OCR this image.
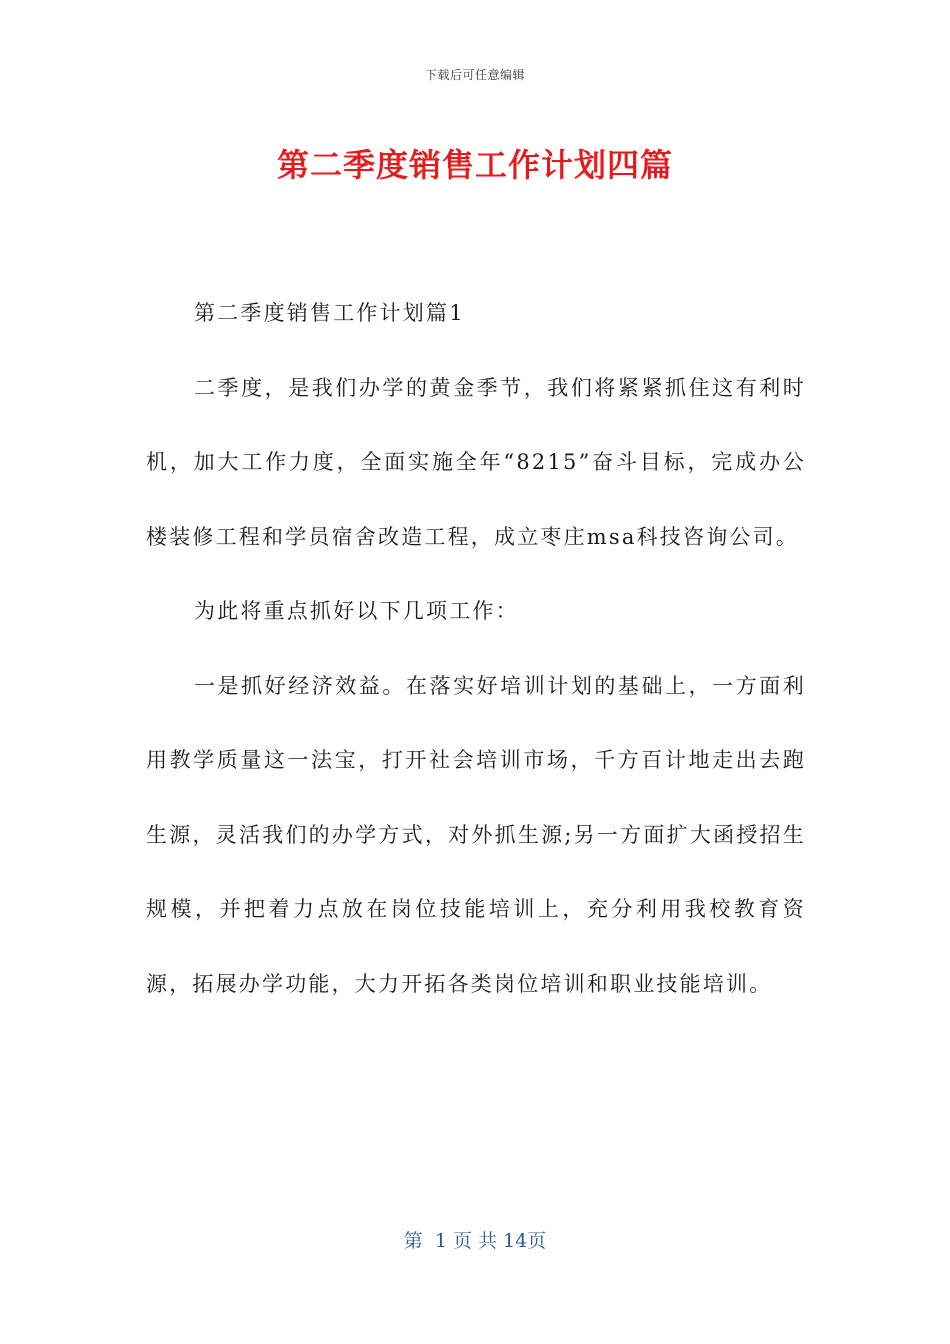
下载后可任意编辑
第二季度销售工作计划四篇

第二季度销售工作计划篇1

二季度，是我们办学的黄金季节，我们将紧紧抓住这有利时机，加大工作力度，全面实施全年“8215”奋斗目标，完成办公楼装修工程和学员宿舍改造工程，成立枣庄msa科技咨询公司。

为此将重点抓好以下几项工作：

一是抓好经济效益。在落实好培训计划的基础上，一方面利用教学质量这一法宝，打开社会培训市场，千方百计地走出去跑生源，灵活我们的办学方式，对外抓生源;另一方面扩大函授招生规模，并把着力点放在岗位技能培训上，充分利用我校教育资源，拓展办学功能，大力开拓各类岗位培训和职业技能培训。

第  1 页 共 14页
